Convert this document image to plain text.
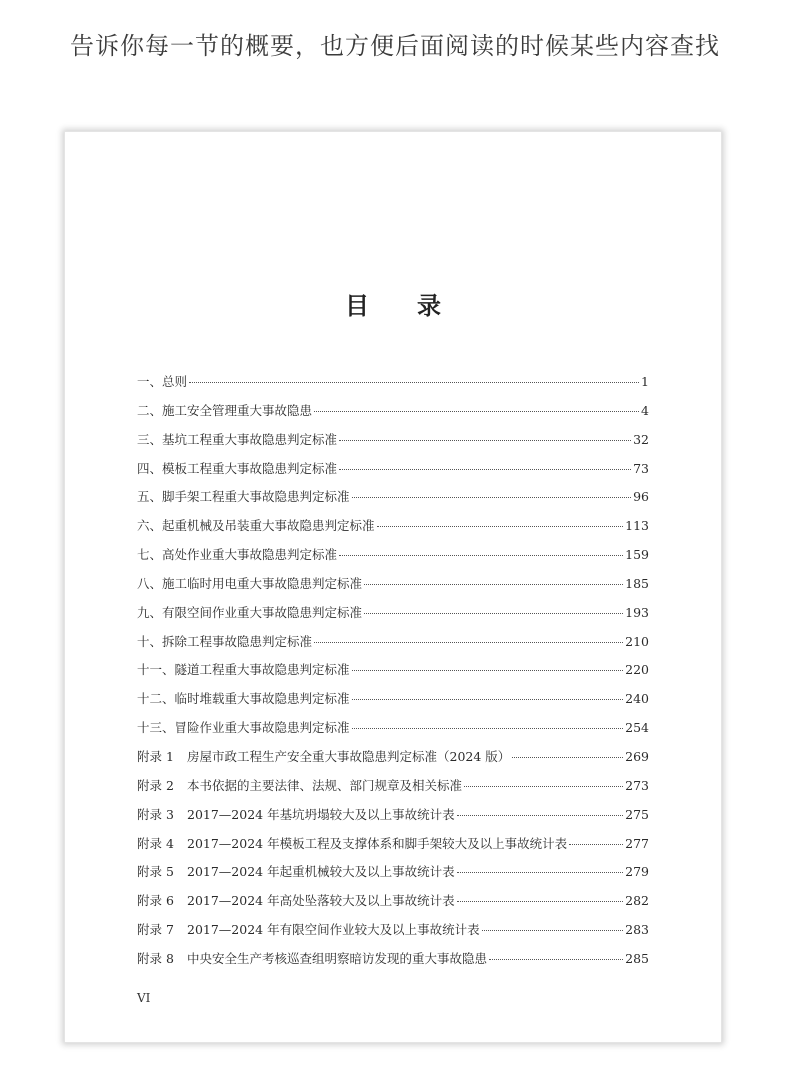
告诉你每一节的概要，也方便后面阅读的时候某些内容查找
目 录
一、总则	1
二、施工安全管理重大事故隐患	4
三、基坑工程重大事故隐患判定标准	32
四、模板工程重大事故隐患判定标准	73
五、脚手架工程重大事故隐患判定标准	96
六、起重机械及吊装重大事故隐患判定标准	113
七、高处作业重大事故隐患判定标准	159
八、施工临时用电重大事故隐患判定标准	185
九、有限空间作业重大事故隐患判定标准	193
十、拆除工程事故隐患判定标准	210
十一、隧道工程重大事故隐患判定标准	220
十二、临时堆载重大事故隐患判定标准	240
十三、冒险作业重大事故隐患判定标准	254
附录 1 房屋市政工程生产安全重大事故隐患判定标准（2024 版）	269
附录 2 本书依据的主要法律、法规、部门规章及相关标准	273
附录 3 2017—2024 年基坑坍塌较大及以上事故统计表	275
附录 4 2017—2024 年模板工程及支撑体系和脚手架较大及以上事故统计表	277
附录 5 2017—2024 年起重机械较大及以上事故统计表	279
附录 6 2017—2024 年高处坠落较大及以上事故统计表	282
附录 7 2017—2024 年有限空间作业较大及以上事故统计表	283
附录 8 中央安全生产考核巡查组明察暗访发现的重大事故隐患	285
VI
